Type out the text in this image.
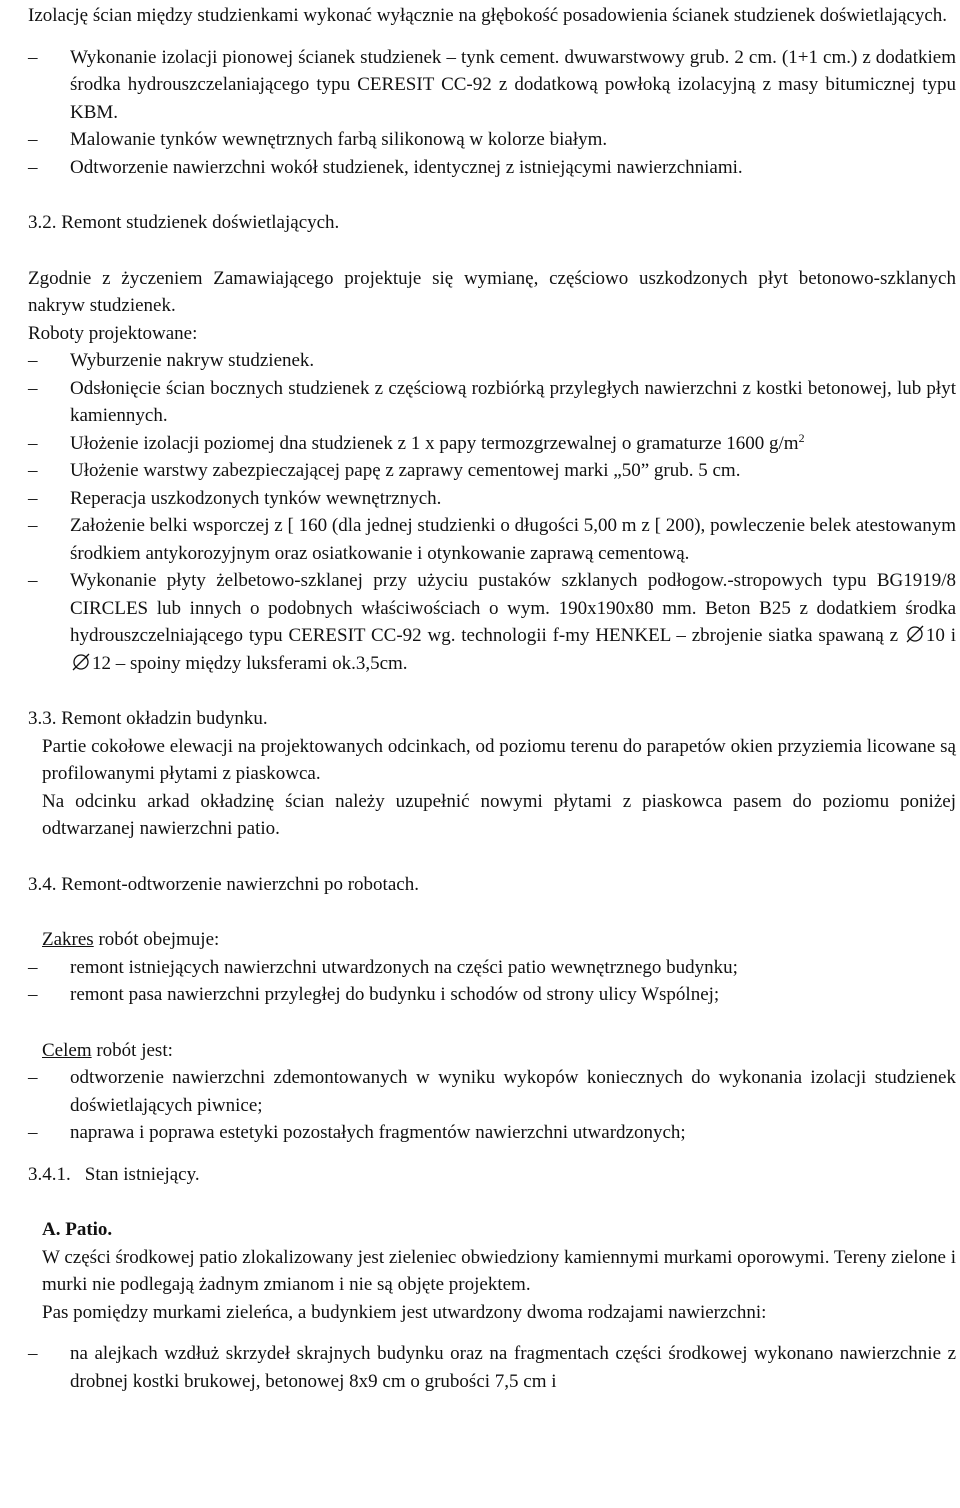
Izolację ścian między studzienkami wykonać wyłącznie na głębokość posadowienia ścianek studzienek doświetlających.

–	Wykonanie izolacji pionowej ścianek studzienek – tynk cement. dwuwarstwowy grub. 2 cm. (1+1 cm.) z dodatkiem środka hydrouszczelaniającego typu CERESIT CC-92 z dodatkową powłoką izolacyjną z masy bitumicznej typu KBM.

–	Malowanie tynków wewnętrznych farbą silikonową w kolorze białym.

–	Odtworzenie nawierzchni wokół studzienek, identycznej z istniejącymi nawierzchniami.

3.2. Remont studzienek doświetlających.

Zgodnie z życzeniem Zamawiającego projektuje się wymianę, częściowo uszkodzonych płyt betonowo-szklanych nakryw studzienek.

Roboty projektowane:

–	Wyburzenie nakryw studzienek.

–	Odsłonięcie ścian bocznych studzienek z częściową rozbiórką przyległych nawierzchni z kostki betonowej, lub płyt kamiennych.

–	Ułożenie izolacji poziomej dna studzienek z 1 x papy termozgrzewalnej o gramaturze 1600 $g/m^2$

–	Ułożenie warstwy zabezpieczającej papę z zaprawy cementowej marki „50” grub. 5 cm.

–	Reperacja uszkodzonych tynków wewnętrznych.

–	Założenie belki wsporczej z [ 160 (dla jednej studzienki o długości 5,00 m z [ 200), powleczenie belek atestowanym środkiem antykorozyjnym oraz osiatkowanie i otynkowanie zaprawą cementową.

–	Wykonanie płyty żelbetowo-szklanej przy użyciu pustaków szklanych podłogow.-stropowych typu BG1919/8 CIRCLES lub innych o podobnych właściwościach o wym. 190x190x80 mm. Beton B25 z dodatkiem środka hydrouszczelniającego typu CERESIT CC-92 wg. technologii f-my HENKEL – zbrojenie siatka spawaną z 10 i 12 – spoiny między luksferami ok.3,5cm.

3.3. Remont okładzin budynku.

Partie cokołowe elewacji na projektowanych odcinkach, od poziomu terenu do parapetów okien przyziemia licowane są profilowanymi płytami z piaskowca.

Na odcinku arkad okładzinę ścian należy uzupełnić nowymi płytami z piaskowca pasem do poziomu poniżej odtwarzanej nawierzchni patio.

3.4. Remont-odtworzenie nawierzchni po robotach.

Zakres robót obejmuje:

–	remont istniejących nawierzchni utwardzonych na części patio wewnętrznego budynku;

–	remont pasa nawierzchni przyległej do budynku i schodów od strony ulicy Wspólnej;

Celem robót jest:

–	odtworzenie nawierzchni zdemontowanych w wyniku wykopów koniecznych do wykonania izolacji studzienek doświetlających piwnice;

–	naprawa i poprawa estetyki pozostałych fragmentów nawierzchni utwardzonych;

3.4.1. Stan istniejący.

A. Patio.

W części środkowej patio zlokalizowany jest zieleniec obwiedziony kamiennymi murkami oporowymi. Tereny zielone i murki nie podlegają żadnym zmianom i nie są objęte projektem.

Pas pomiędzy murkami zieleńca, a budynkiem jest utwardzony dwoma rodzajami nawierzchni:

–	na alejkach wzdłuż skrzydeł skrajnych budynku oraz na fragmentach części środkowej wykonano nawierzchnie z drobnej kostki brukowej, betonowej 8x9 cm o grubości 7,5 cm i
